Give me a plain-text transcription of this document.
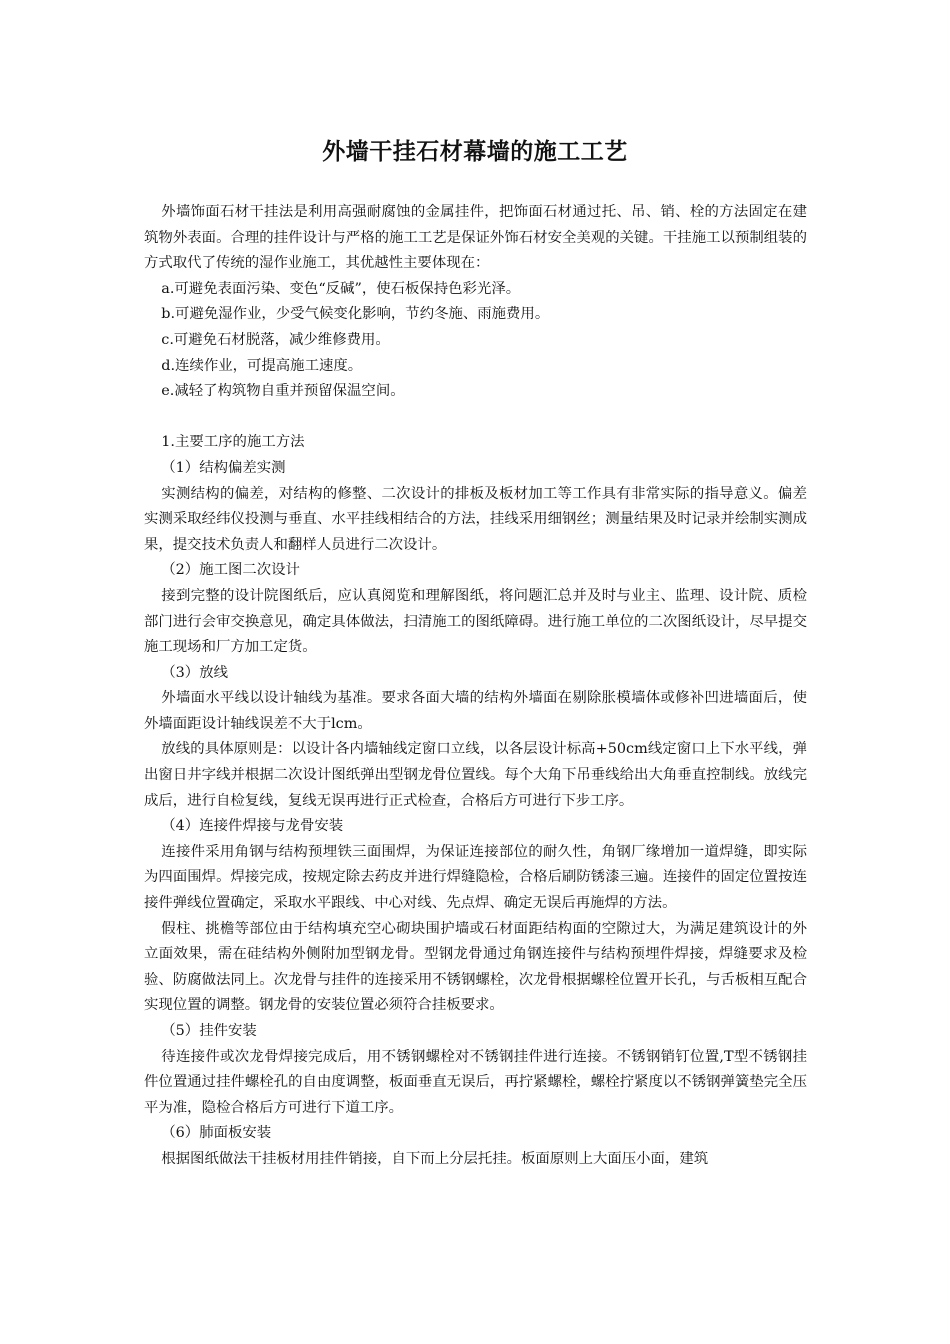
外墙干挂石材幕墙的施工工艺

外墙饰面石材干挂法是利用高强耐腐蚀的金属挂件，把饰面石材通过托、吊、销、栓的方法固定在建筑物外表面。合理的挂件设计与严格的施工工艺是保证外饰石材安全美观的关键。干挂施工以预制组装的方式取代了传统的湿作业施工，其优越性主要体现在：

a.可避免表面污染、变色“反碱”，使石板保持色彩光泽。

b.可避免湿作业，少受气候变化影响，节约冬施、雨施费用。

c.可避免石材脱落，减少维修费用。

d.连续作业，可提高施工速度。

e.减轻了构筑物自重并预留保温空间。

1.主要工序的施工方法

（1）结构偏差实测

实测结构的偏差，对结构的修整、二次设计的排板及板材加工等工作具有非常实际的指导意义。偏差实测采取经纬仪投测与垂直、水平挂线相结合的方法，挂线采用细钢丝；测量结果及时记录并绘制实测成果，提交技术负责人和翻样人员进行二次设计。

（2）施工图二次设计

接到完整的设计院图纸后，应认真阅览和理解图纸，将问题汇总并及时与业主、监理、设计院、质检部门进行会审交换意见，确定具体做法，扫清施工的图纸障碍。进行施工单位的二次图纸设计，尽早提交施工现场和厂方加工定货。

（3）放线

外墙面水平线以设计轴线为基准。要求各面大墙的结构外墙面在剔除胀模墙体或修补凹进墙面后，使外墙面距设计轴线误差不大于lcm。

放线的具体原则是：以设计各内墙轴线定窗口立线，以各层设计标高+50cm线定窗口上下水平线，弹出窗日井字线并根据二次设计图纸弹出型钢龙骨位置线。每个大角下吊垂线给出大角垂直控制线。放线完成后，进行自检复线，复线无误再进行正式检查，合格后方可进行下步工序。

（4）连接件焊接与龙骨安装

连接件采用角钢与结构预埋铁三面围焊，为保证连接部位的耐久性，角钢厂缘增加一道焊缝，即实际为四面围焊。焊接完成，按规定除去药皮并进行焊缝隐检，合格后刷防锈漆三遍。连接件的固定位置按连接件弹线位置确定，采取水平跟线、中心对线、先点焊、确定无误后再施焊的方法。

假柱、挑檐等部位由于结构填充空心砌块围护墙或石材面距结构面的空隙过大，为满足建筑设计的外立面效果，需在硅结构外侧附加型钢龙骨。型钢龙骨通过角钢连接件与结构预埋件焊接，焊缝要求及检验、防腐做法同上。次龙骨与挂件的连接采用不锈钢螺栓，次龙骨根据螺栓位置开长孔，与舌板相互配合实现位置的调整。钢龙骨的安装位置必须符合挂板要求。

（5）挂件安装

待连接件或次龙骨焊接完成后，用不锈钢螺栓对不锈钢挂件进行连接。不锈钢销钉位置,T型不锈钢挂件位置通过挂件螺栓孔的自由度调整，板面垂直无误后，再拧紧螺栓，螺栓拧紧度以不锈钢弹簧垫完全压平为准，隐检合格后方可进行下道工序。

（6）肺面板安装

根据图纸做法干挂板材用挂件销接，自下而上分层托挂。板面原则上大面压小面，建筑
